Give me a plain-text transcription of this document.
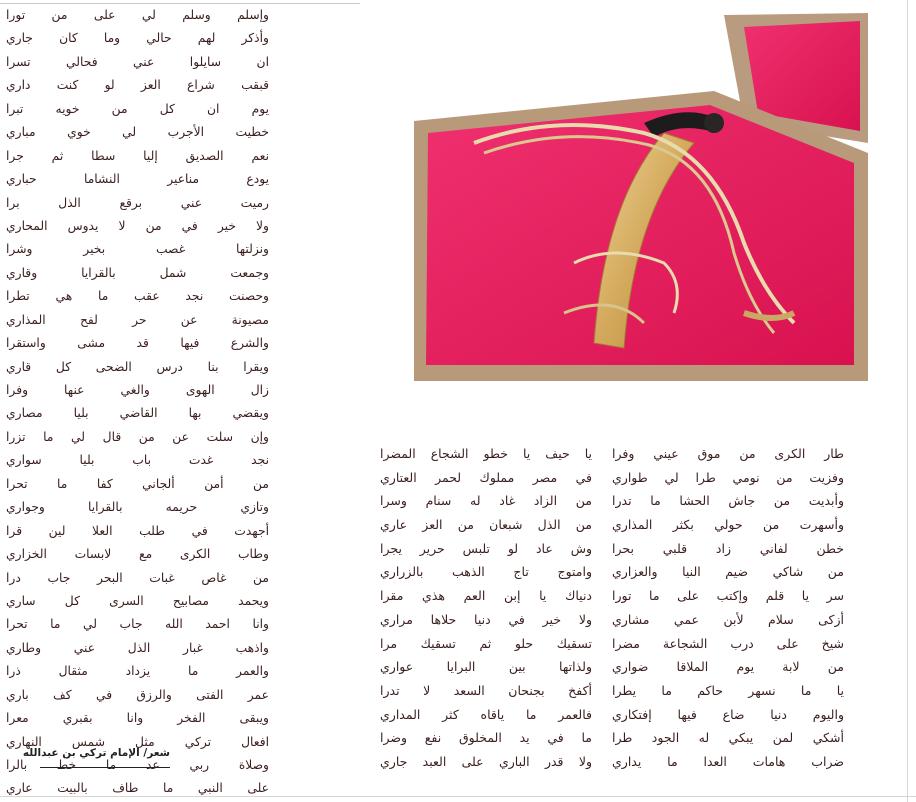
وإسلم وسلم لي على من تورا
وأذكر لهم حالي وما كان جاري
ان سايلوا عني فحالي تسرا
قبقب شراع العز لو كنت داري
يوم ان كل من خويه تبرا
خطيت الأجرب لي خوي مباري
نعم الصديق إليا سطا ثم جرا
يودع مناعير النشاما حباري
رميت عني برقع الذل برا
ولا خير في من لا يدوس المحاري
ونزلتها غصب بخير وشرا
وجمعت شمل بالقرايا وقاري
وحصنت نجد عقب ما هي تطرا
مصيونة عن حر لفح المذاري
والشرع فيها قد مشى واستقرا
ويقرا بنا درس الضحى كل قاري
زال الهوى والغي عنها وفرا
ويقضي بها القاضي بليا مصاري
وإن سلت عن من قال لي ما تزرا
نجد غدت باب بليا سواري
من أمن ألجاني كفا ما تحرا
وتازي حريمه بالقرايا وجواري
أجهدت في طلب العلا لين قرا
وطاب الكرى مع لابسات الخزاري
من غاص غبات البحر جاب درا
ويحمد مصابيح السرى كل ساري
وانا احمد الله جاب لي ما تحرا
واذهب غبار الذل عني وطاري
والعمر ما يزداد مثقال ذرا
عمر الفتى والرزق في كف باري
ويبقى الفخر وانا بقبري معرا
افعال تركي مثل شمس النهاري
وصلاة ربي عد ما خط بالرا
على النبي ما طاف بالبيت عاري
شعر/ الإمام تركي بن عبدالله
يا حيف يا خطو الشجاع المضرا
في مصر مملوك لحمر العتاري
من الزاد غاد له سنام وسرا
من الذل شبعان من العز عاري
وش عاد لو تلبس حرير يجرا
وامتوج تاج الذهب بالزراري
دنياك يا إبن العم هذي مقرا
ولا خير في دنيا حلاها مراري
تسقيك حلو ثم تسقيك مرا
ولذاتها بين البرايا عواري
أكفخ بجنحان السعد لا تدرا
فالعمر ما ياقاه كثر المداري
ما في يد المخلوق نفع وضرا
ولا قدر الباري على العبد جاري
طار الكرى من موق عيني وفرا
وفزيت من نومي طرا لي طواري
وأبديت من جاش الحشا ما تدرا
وأسهرت من حولي بكثر المذاري
خطن لفاني زاد قلبي بحرا
من شاكي ضيم النيا والعزاري
سر يا قلم وإكتب على ما تورا
أزكى سلام لأبن عمي مشاري
شيخ على درب الشجاعة مضرا
من لابة يوم الملاقا ضواري
يا ما نسهر حاكم ما يطرا
واليوم دنيا ضاع فيها إفتكاري
أشكي لمن يبكي له الجود طرا
ضراب هامات العدا ما يداري
